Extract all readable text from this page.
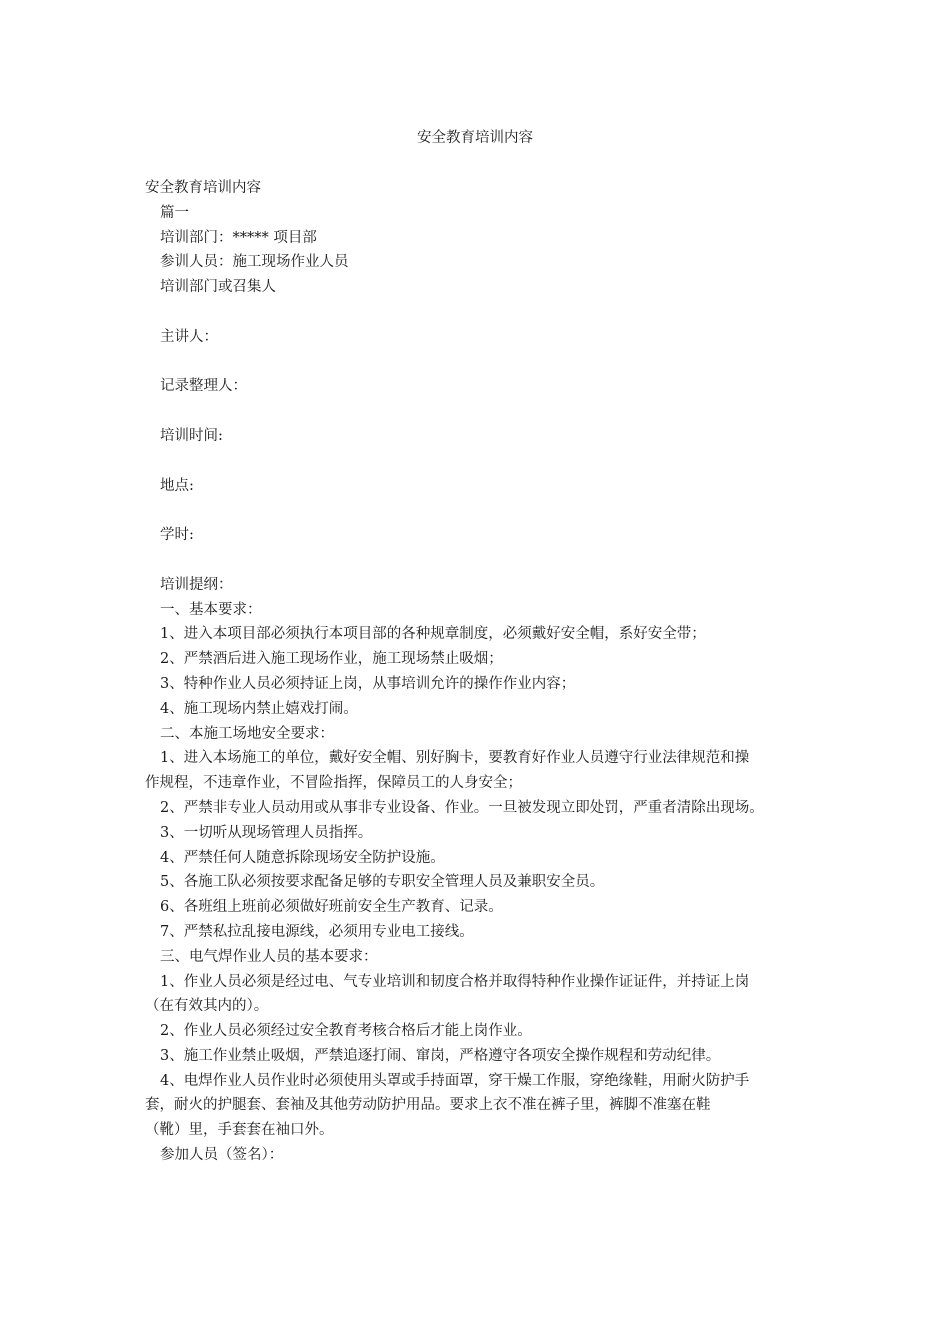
安全教育培训内容

安全教育培训内容

篇一

培训部门：***** 项目部

参训人员：施工现场作业人员

培训部门或召集人

主讲人：

记录整理人：

培训时间:

地点:

学时:

培训提纲：

一、基本要求：

1、进入本项目部必须执行本项目部的各种规章制度，必须戴好安全帽，系好安全带；

2、严禁酒后进入施工现场作业，施工现场禁止吸烟；

3、特种作业人员必须持证上岗，从事培训允许的操作作业内容；

4、施工现场内禁止嬉戏打闹。

二、本施工场地安全要求：

1、进入本场施工的单位，戴好安全帽、别好胸卡，要教育好作业人员遵守行业法律规范和操

作规程，不违章作业，不冒险指挥，保障员工的人身安全；

2、严禁非专业人员动用或从事非专业设备、作业。一旦被发现立即处罚，严重者清除出现场。

3、一切听从现场管理人员指挥。

4、严禁任何人随意拆除现场安全防护设施。

5、各施工队必须按要求配备足够的专职安全管理人员及兼职安全员。

6、各班组上班前必须做好班前安全生产教育、记录。

7、严禁私拉乱接电源线，必须用专业电工接线。

三、电气焊作业人员的基本要求：

1、作业人员必须是经过电、气专业培训和韧度合格并取得特种作业操作证证件，并持证上岗

（在有效其内的）。

2、作业人员必须经过安全教育考核合格后才能上岗作业。

3、施工作业禁止吸烟，严禁追逐打闹、窜岗，严格遵守各项安全操作规程和劳动纪律。

4、电焊作业人员作业时必须使用头罩或手持面罩，穿干燥工作服，穿绝缘鞋，用耐火防护手

套，耐火的护腿套、套袖及其他劳动防护用品。要求上衣不准在裤子里，裤脚不准塞在鞋

（靴）里，手套套在袖口外。

参加人员（签名）：
